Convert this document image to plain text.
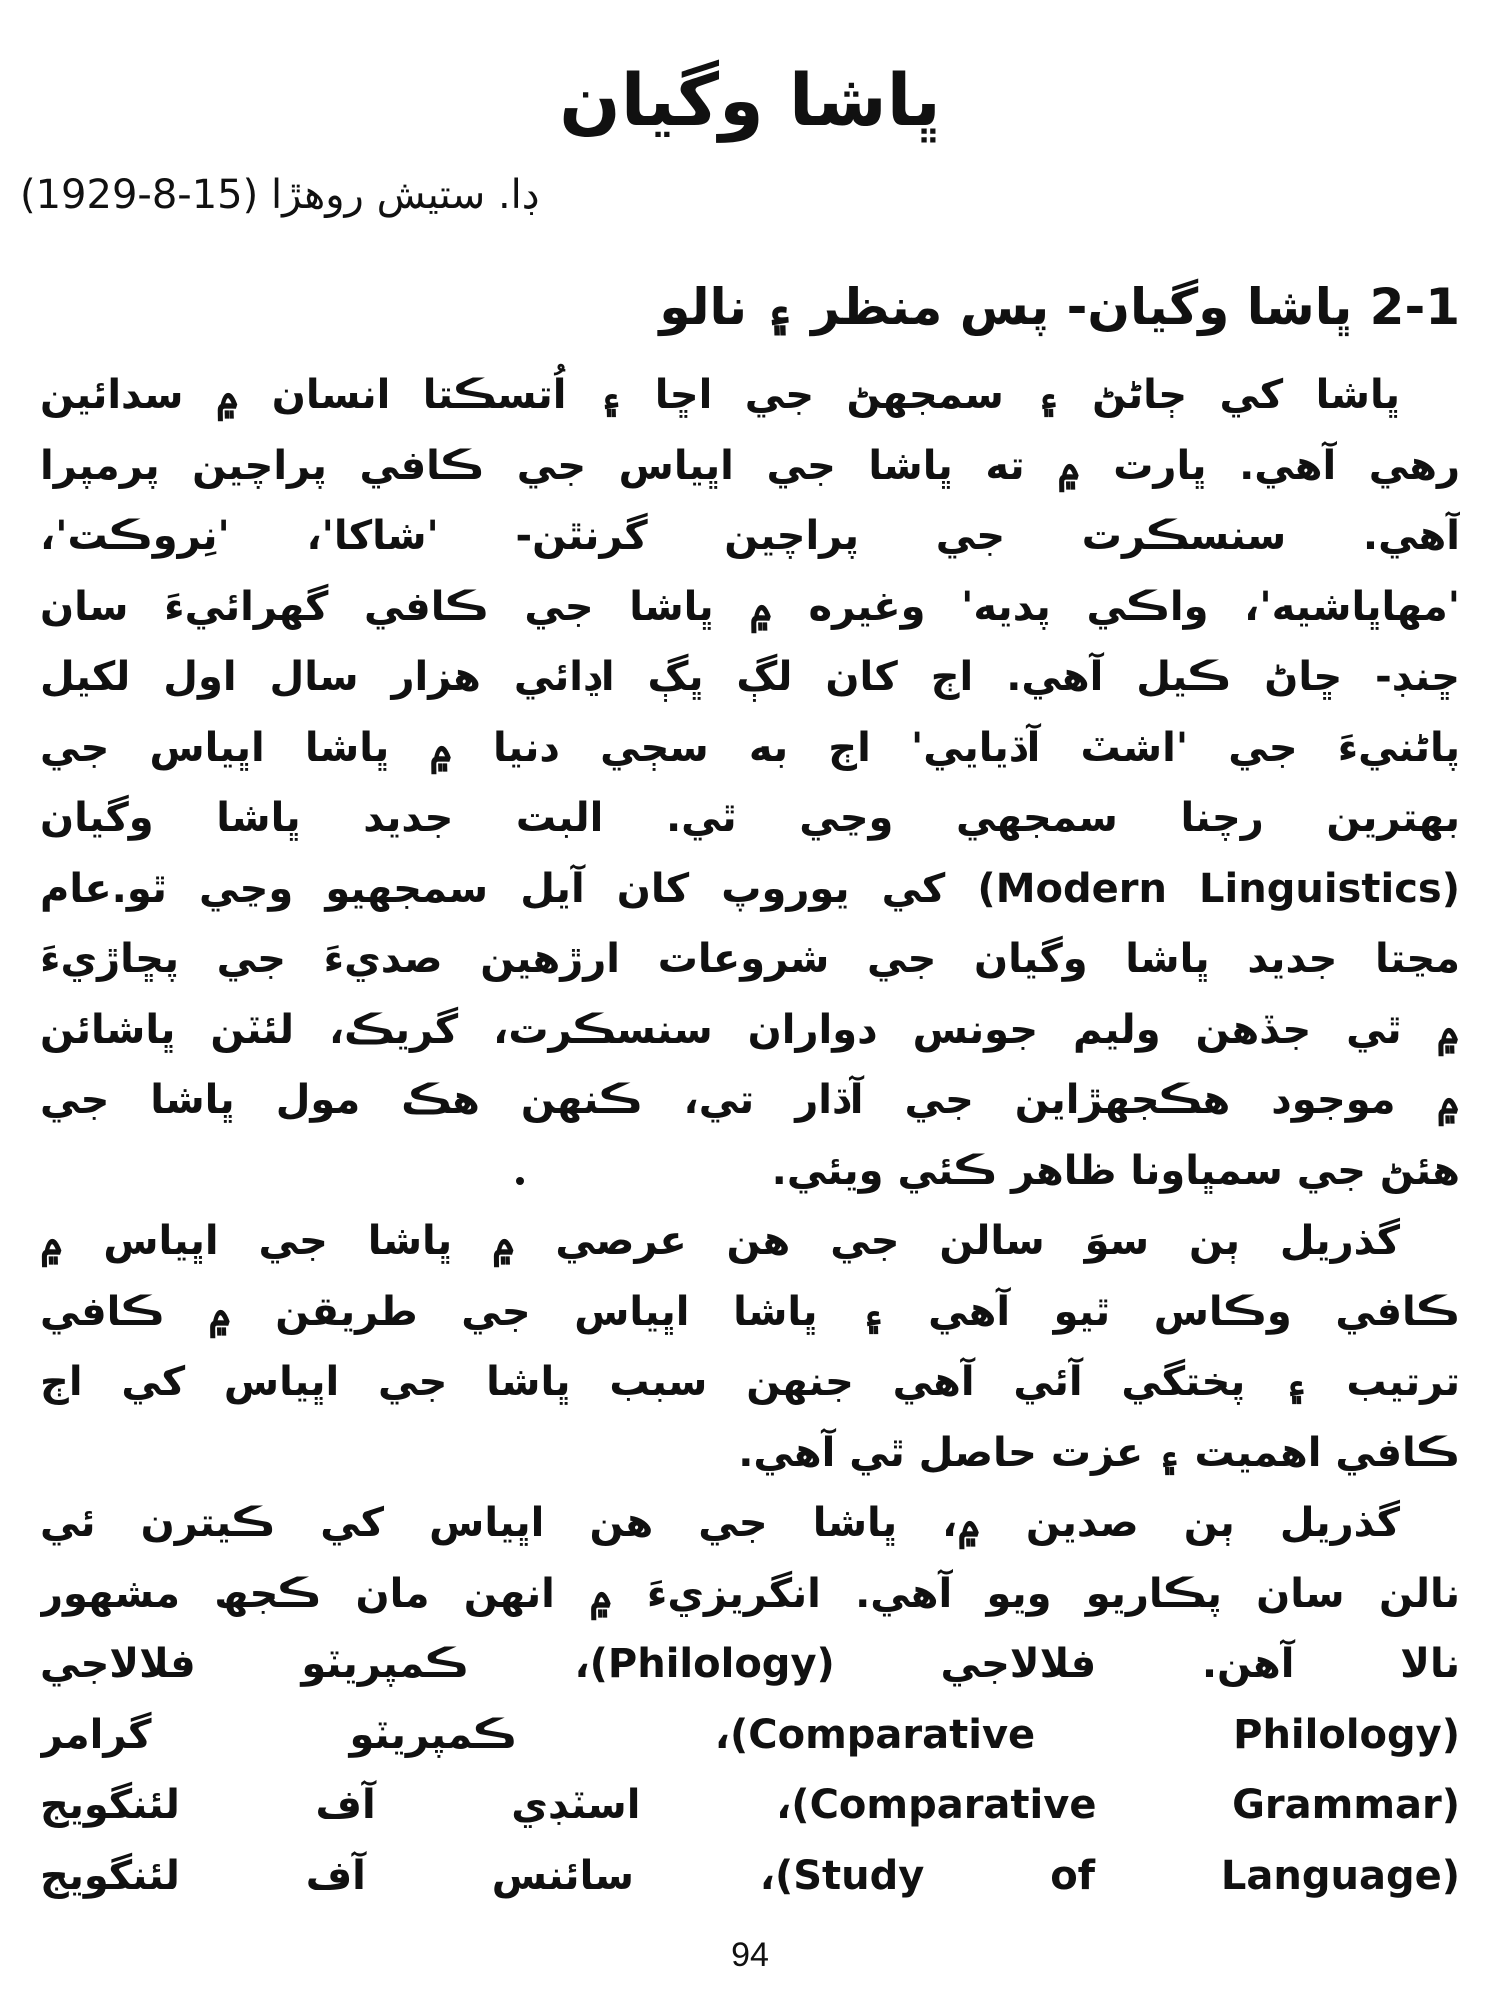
ڀاشا وگيان
ڊا. ستيش روهڙا (15-8-1929)
2-1 ڀاشا وگيان- پس منظر ۽ نالو
ڀاشا کي ڄاڻڻ ۽ سمجھڻ جي اڇا ۽ اُتسڪتا انسان ۾ سدائين
رهي آهي. ڀارت ۾ ته ڀاشا جي اڀياس جي ڪافي پراچين پرمپرا
آهي. سنسڪرت جي پراچين گرنٿن- 'شاکا'، 'نِروڪت'،
'مهاڀاشيه'، واڪي پديه' وغيره ۾ ڀاشا جي ڪافي گهرائيءَ سان
ڇنڊ- ڇاڻ ڪيل آهي. اڄ کان لڳ ڀڳ اڍائي هزار سال اول لکيل
پاڻنيءَ جي 'اشٽ آڌيايي' اڄ به سڄي دنيا ۾ ڀاشا اڀياس جي
بهترين رچنا سمجهي وڃي ٿي. البت جديد ڀاشا وگيان
(Modern Linguistics) کي يوروپ کان آيل سمجھيو وڃي ٿو.عام
مڃتا جديد ڀاشا وگيان جي شروعات ارڙهين صديءَ جي پڇاڙيءَ
۾ ٿي جڏهن وليم جونس دواران سنسڪرت، گريڪ، لئٽن ڀاشائن
۾ موجود هڪجهڙاين جي آڌار تي، ڪنهن هڪ مول ڀاشا جي
هئڻ جي سمڀاونا ظاهر ڪئي ويئي.
گذريل ٻن سوَ سالن جي هن عرصي ۾ ڀاشا جي اڀياس ۾
ڪافي وڪاس ٿيو آهي ۽ ڀاشا اڀياس جي طريقن ۾ ڪافي
ترتيب ۽ پختگي آئي آهي جنهن سبب ڀاشا جي اڀياس کي اڄ
ڪافي اهميت ۽ عزت حاصل ٿي آهي.
گذريل ٻن صدين ۾، ڀاشا جي هن اڀياس کي ڪيترن ئي
نالن سان پڪاريو ويو آهي. انگريزيءَ ۾ انهن مان ڪجھ مشهور
نالا آهن. فلالاجي (Philology)، ڪمپريٽو فلالاجي
(Comparative Philology)، ڪمپريٽو گرامر
(Comparative Grammar)، اسٽڊي آف لئنگويج
(Study of Language)، سائنس آف لئنگويج
94
